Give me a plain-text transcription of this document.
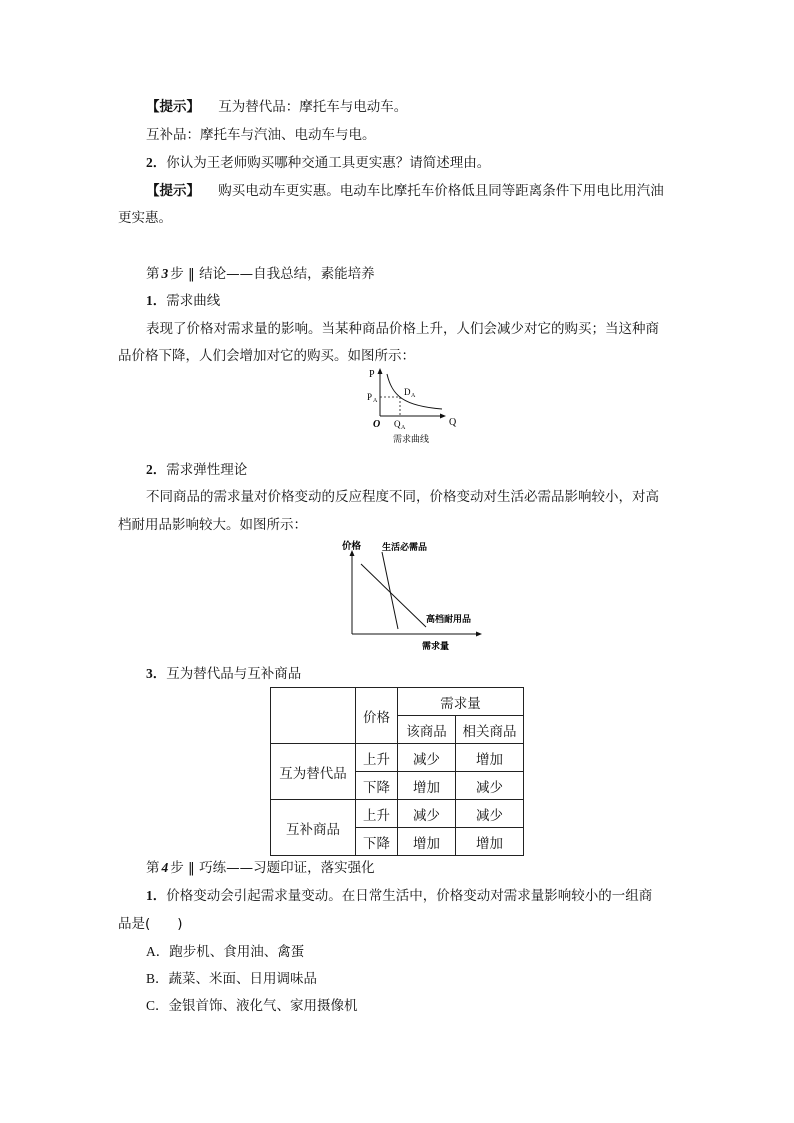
【提示】 互为替代品：摩托车与电动车。
互补品：摩托车与汽油、电动车与电。
2．你认为王老师购买哪种交通工具更实惠？请简述理由。
【提示】 购买电动车更实惠。电动车比摩托车价格低且同等距离条件下用电比用汽油
更实惠。
第 3 步 ‖ 结论——自我总结，素能培养
1．需求曲线
表现了价格对需求量的影响。当某种商品价格上升，人们会减少对它的购买；当这种商
品价格下降，人们会增加对它的购买。如图所示：
P
Q
O
P A
Q A
D A
需求曲线
2．需求弹性理论
不同商品的需求量对价格变动的反应程度不同，价格变动对生活必需品影响较小，对高
档耐用品影响较大。如图所示：
价格 生活必需品
高档耐用品
需求量
3．互为替代品与互补商品
	价格	需求量	
		该商品	相关商品
互为替代品	上升	减少	增加
	下降	增加	减少
互补商品	上升	减少	减少
	下降	增加	增加
第 4 步 ‖ 巧练——习题印证，落实强化
1．价格变动会引起需求量变动。在日常生活中，价格变动对需求量影响较小的一组商
品是(　　)
A．跑步机、食用油、禽蛋
B．蔬菜、米面、日用调味品
C．金银首饰、液化气、家用摄像机
